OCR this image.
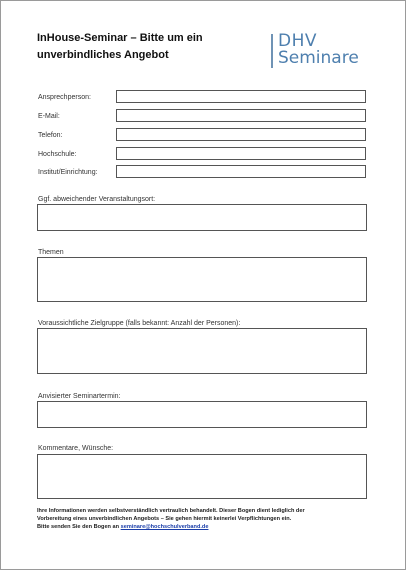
InHouse-Seminar – Bitte um ein
unverbindliches Angebot
DHV
Seminare
Ansprechperson:
E-Mail:
Telefon:
Hochschule:
Institut/Einrichtung:
Ggf. abweichender Veranstaltungsort:
Themen
Voraussichtliche Zielgruppe (falls bekannt: Anzahl der Personen):
Anvisierter Seminartermin:
Kommentare, Wünsche:
Ihre Informationen werden selbstverständlich vertraulich behandelt. Dieser Bogen dient lediglich der
Vorbereitung eines unverbindlichen Angebots – Sie gehen hiermit keinerlei Verpflichtungen ein.
Bitte senden Sie den Bogen an seminare@hochschulverband.de
